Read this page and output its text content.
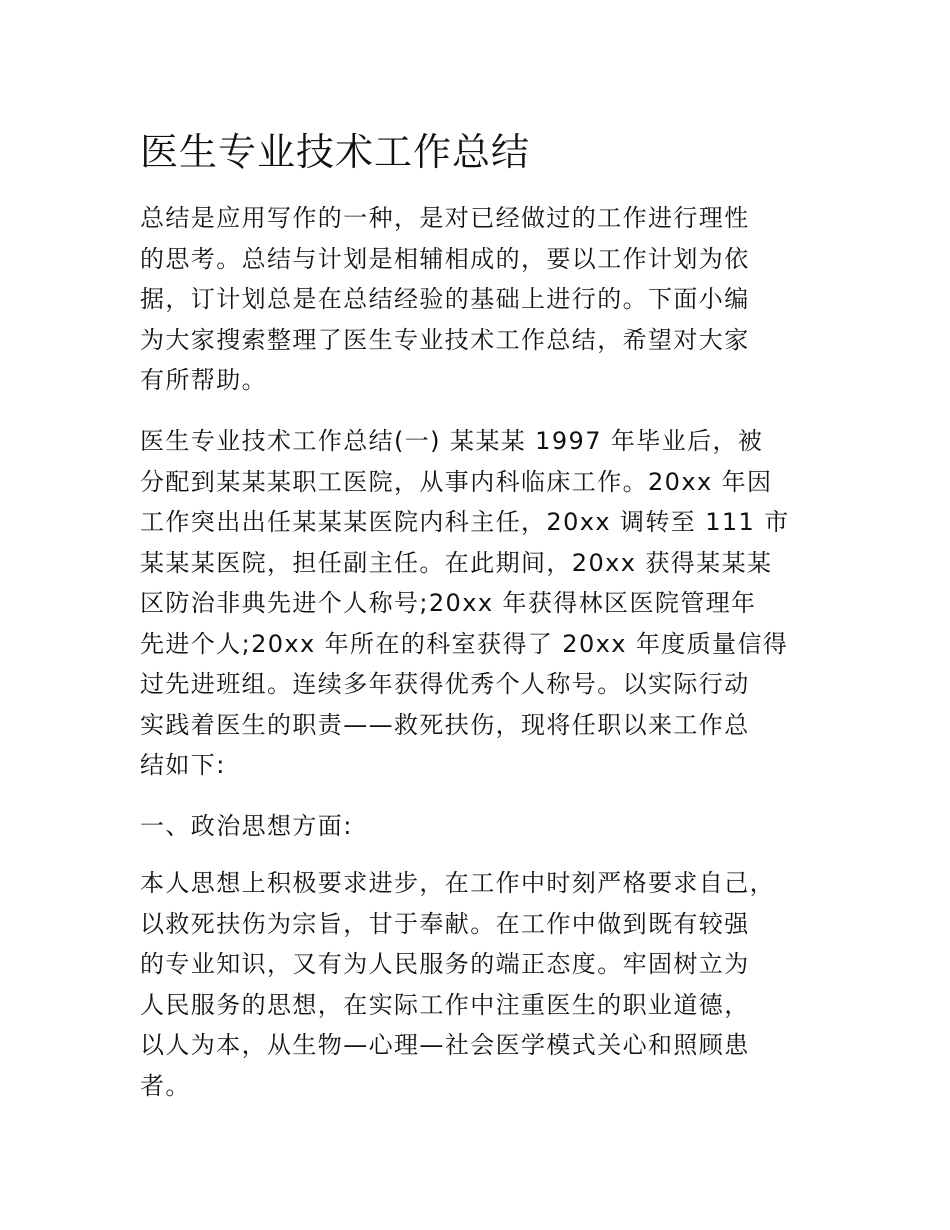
医生专业技术工作总结

总结是应用写作的一种，是对已经做过的工作进行理性
的思考。总结与计划是相辅相成的，要以工作计划为依
据，订计划总是在总结经验的基础上进行的。下面小编
为大家搜索整理了医生专业技术工作总结，希望对大家
有所帮助。

医生专业技术工作总结(一) 某某某 1997 年毕业后，被
分配到某某某职工医院，从事内科临床工作。20xx 年因
工作突出出任某某某医院内科主任，20xx 调转至 111 市
某某某医院，担任副主任。在此期间，20xx 获得某某某
区防治非典先进个人称号;20xx 年获得林区医院管理年
先进个人;20xx 年所在的科室获得了 20xx 年度质量信得
过先进班组。连续多年获得优秀个人称号。以实际行动
实践着医生的职责——救死扶伤，现将任职以来工作总
结如下:

一、政治思想方面:

本人思想上积极要求进步，在工作中时刻严格要求自己，
以救死扶伤为宗旨，甘于奉献。在工作中做到既有较强
的专业知识，又有为人民服务的端正态度。牢固树立为
人民服务的思想，在实际工作中注重医生的职业道德，
以人为本，从生物—心理—社会医学模式关心和照顾患
者。
